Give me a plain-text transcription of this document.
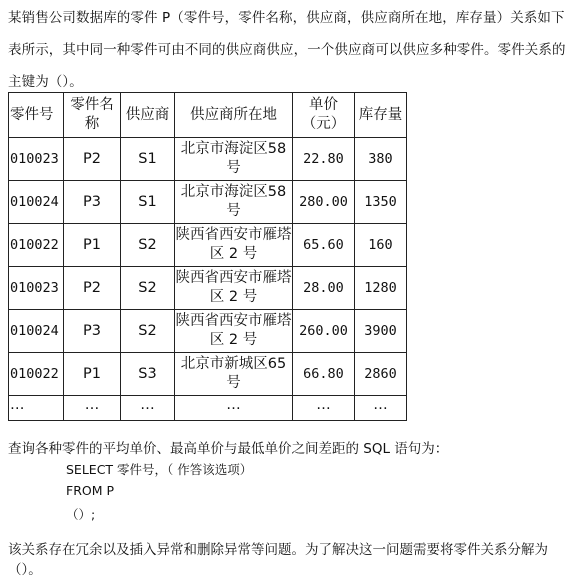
某销售公司数据库的零件 P（零件号，零件名称，供应商，供应商所在地，库存量）关系如下表所示，其中同一种零件可由不同的供应商供应，一个供应商可以供应多种零件。零件关系的主键为（）。
零件号	零件名称	供应商	供应商所在地	单价（元）	库存量
010023	P2	S1	北京市海淀区58号	22.80	380
010024	P3	S1	北京市海淀区58号	280.00	1350
010022	P1	S2	陕西省西安市雁塔区 2 号	65.60	160
010023	P2	S2	陕西省西安市雁塔区 2 号	28.00	1280
010024	P3	S2	陕西省西安市雁塔区 2 号	260.00	3900
010022	P1	S3	北京市新城区65号	66.80	2860
…	…	…	…	…	…
查询各种零件的平均单价、最高单价与最低单价之间差距的 SQL 语句为：
SELECT 零件号，（ 作答该选项）
FROM P
（）;
该关系存在冗余以及插入异常和删除异常等问题。为了解决这一问题需要将零件关系分解为（）。
